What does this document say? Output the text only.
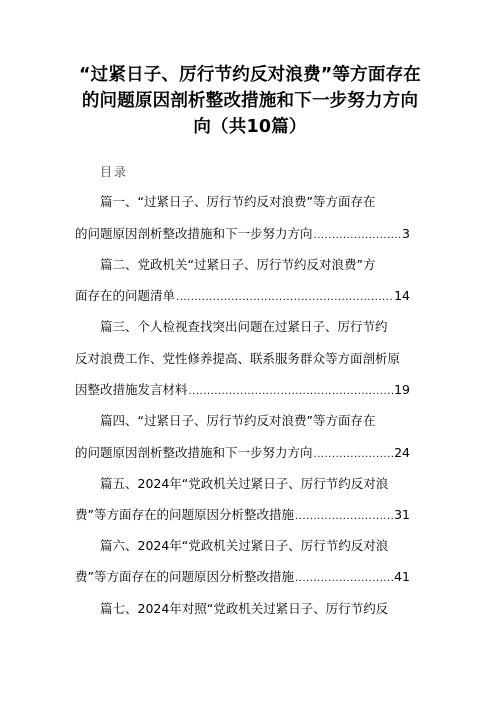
“过紧日子、厉行节约反对浪费”等方面存在
的问题原因剖析整改措施和下一步努力方向
向（共10篇）
目录
篇一、“过紧日子、厉行节约反对浪费”等方面存在
的问题原因剖析整改措施和下一步努力方向 .....	3
篇二、党政机关“过紧日子、厉行节约反对浪费”方
面存在的问题清单 .....	14
篇三、个人检视查找突出问题在过紧日子、厉行节约
反对浪费工作、党性修养提高、联系服务群众等方面剖析原
因整改措施发言材料 .....	19
篇四、“过紧日子、厉行节约反对浪费”等方面存在
的问题原因剖析整改措施和下一步努力方向 .....	24
篇五、2024年“党政机关过紧日子、厉行节约反对浪
费”等方面存在的问题原因分析整改措施 .....	31
篇六、2024年“党政机关过紧日子、厉行节约反对浪
费”等方面存在的问题原因分析整改措施 .....	41
篇七、2024年对照“党政机关过紧日子、厉行节约反
